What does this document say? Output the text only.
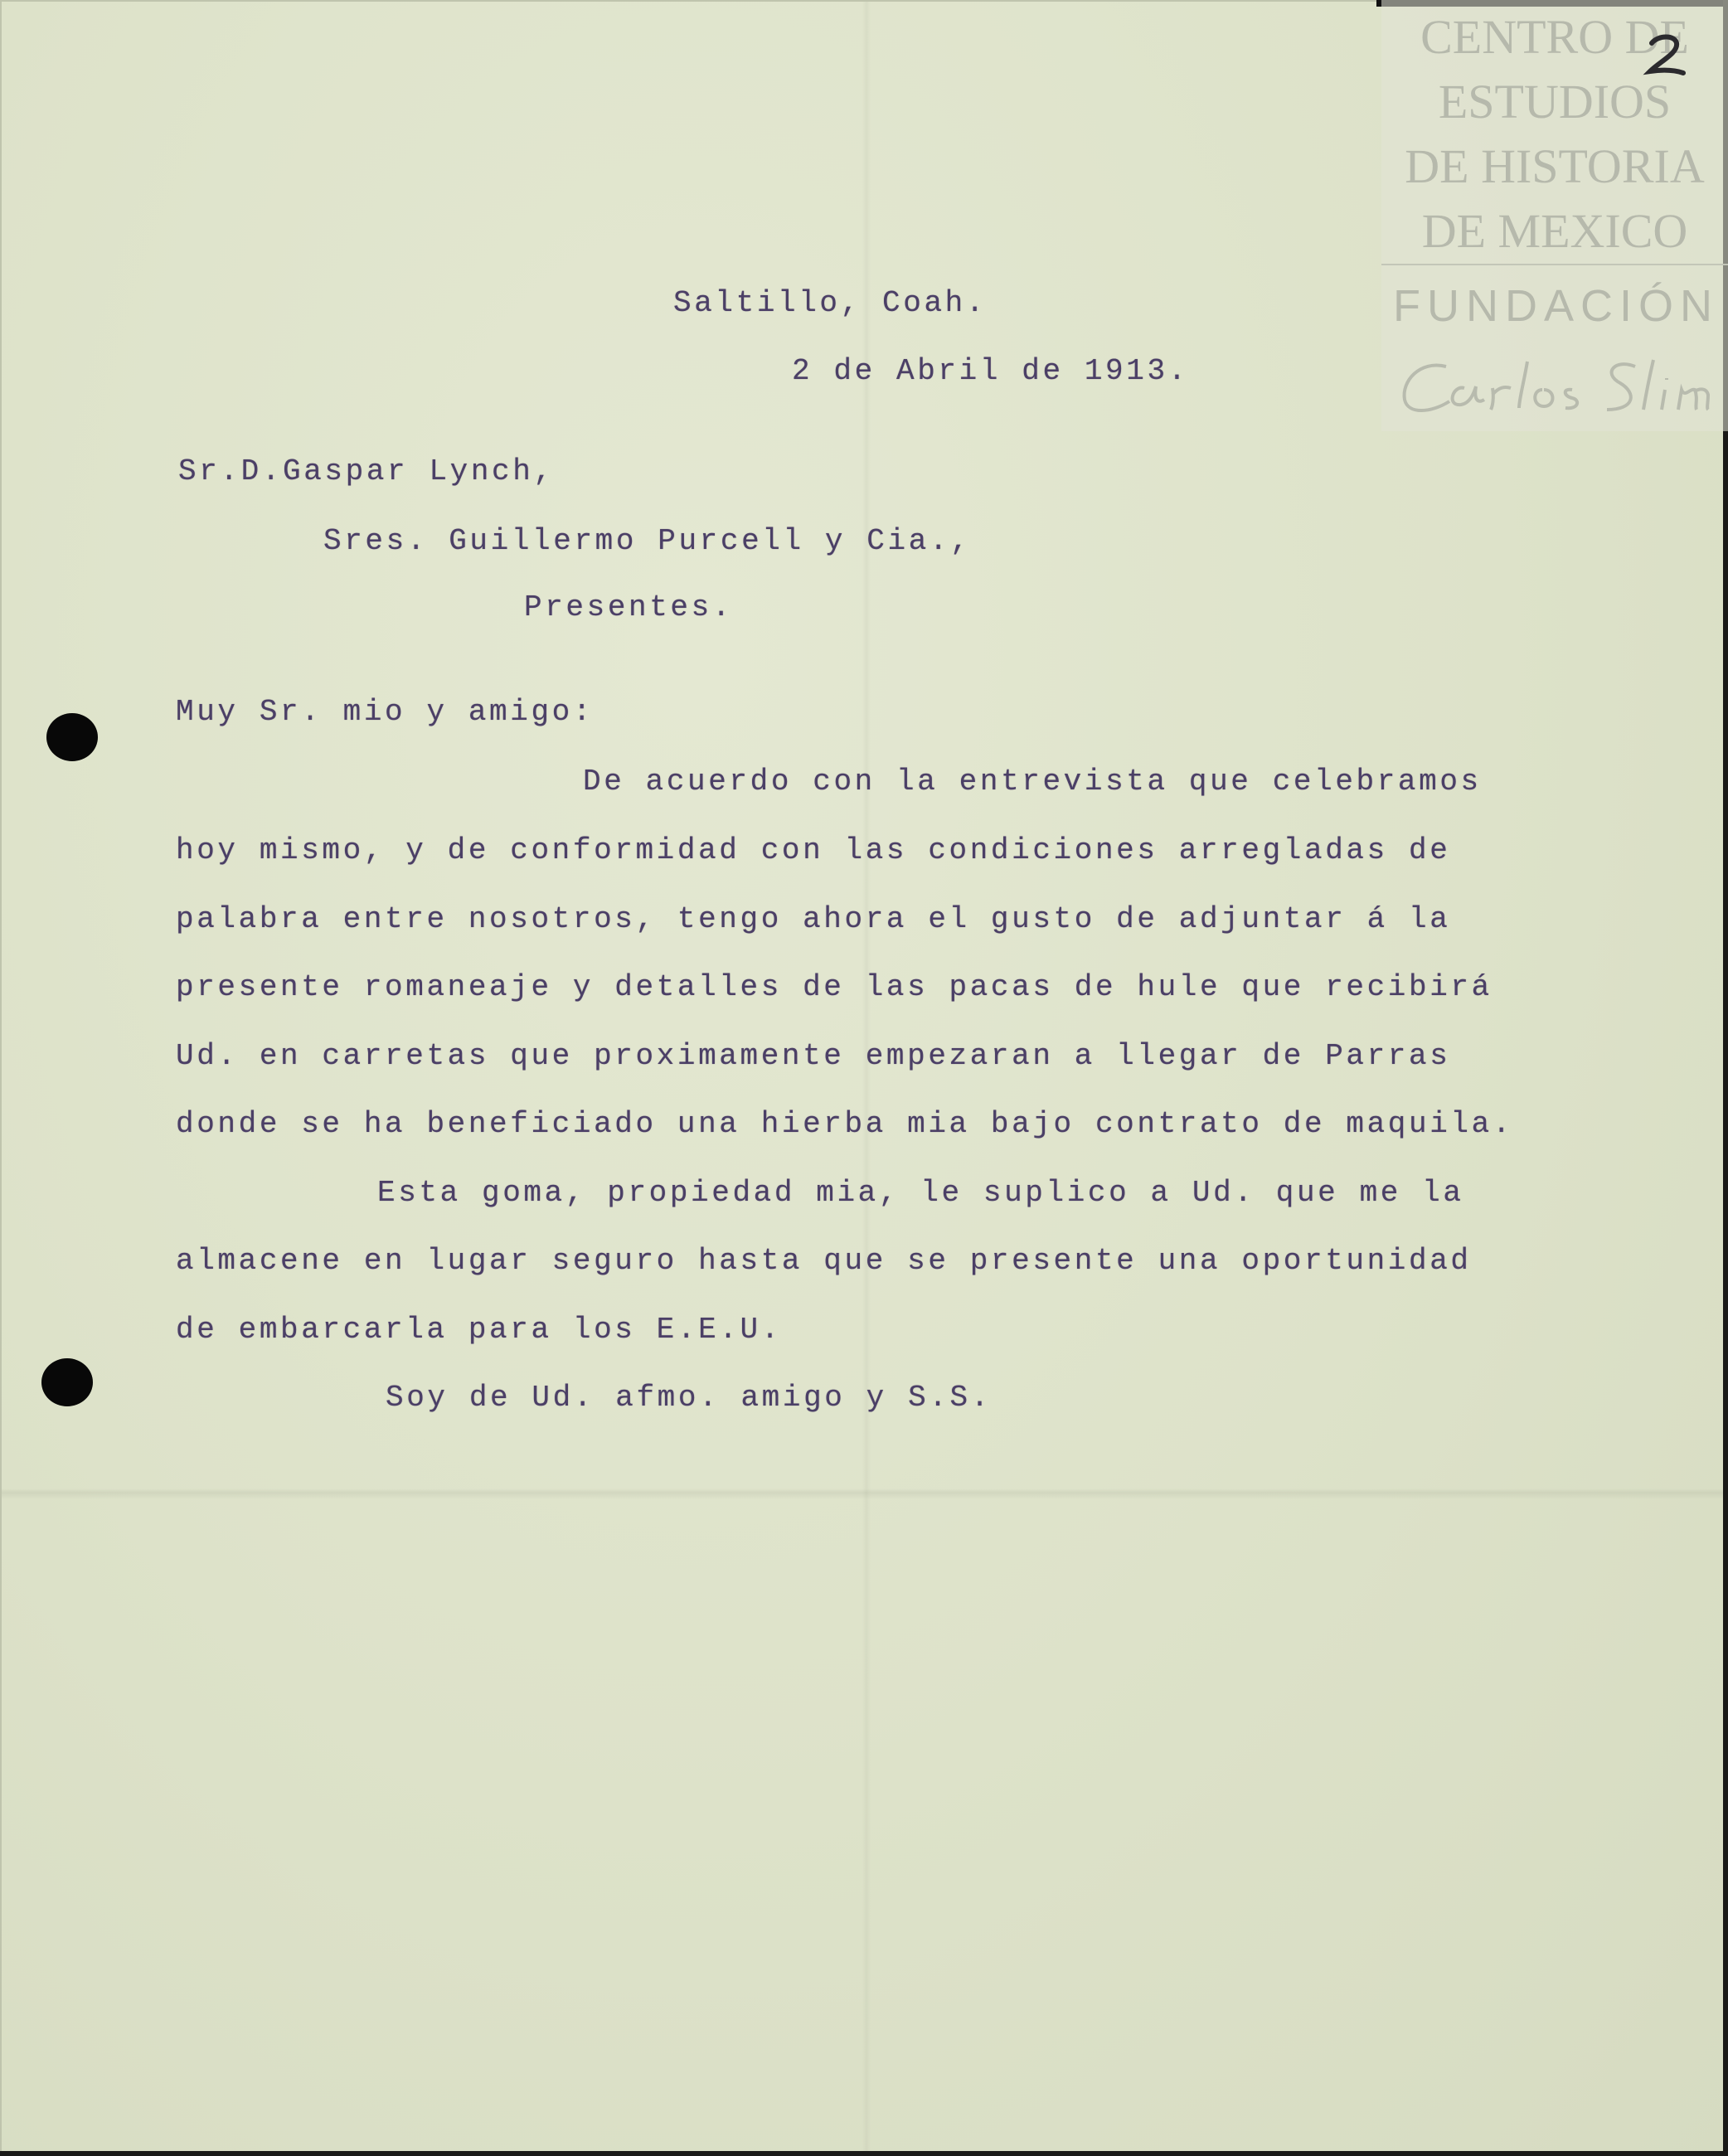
CENTRO DE
ESTUDIOS
DE HISTORIA
DE MEXICO
FUNDACIÓN
Saltillo, Coah.
2 de Abril de 1913.
Sr.D.Gaspar Lynch,
Sres. Guillermo Purcell y Cia.,
Presentes.
Muy Sr. mio y amigo:
De acuerdo con la entrevista que celebramos
hoy mismo, y de conformidad con las condiciones arregladas de
palabra entre nosotros, tengo ahora el gusto de adjuntar á la
presente romaneaje y detalles de las pacas de hule que recibirá
Ud. en carretas que proximamente empezaran a llegar de Parras
donde se ha beneficiado una hierba mia bajo contrato de maquila.
Esta goma, propiedad mia, le suplico a Ud. que me la
almacene en lugar seguro hasta que se presente una oportunidad
de embarcarla para los E.E.U.
Soy de Ud. afmo. amigo y S.S.
